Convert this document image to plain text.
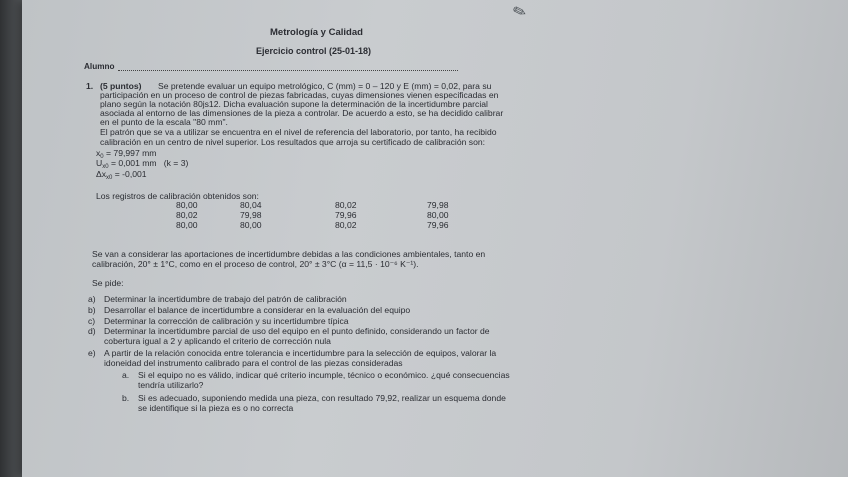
✎
Metrología y Calidad
Ejercicio control (25-01-18)
Alumno
1. (5 puntos) Se pretende evaluar un equipo metrológico, C (mm) = 0 – 120 y E (mm) = 0,02, para su
participación en un proceso de control de piezas fabricadas, cuyas dimensiones vienen especificadas en
plano según la notación 80js12. Dicha evaluación supone la determinación de la incertidumbre parcial
asociada al entorno de las dimensiones de la pieza a controlar. De acuerdo a esto, se ha decidido calibrar
en el punto de la escala "80 mm".
El patrón que se va a utilizar se encuentra en el nivel de referencia del laboratorio, por tanto, ha recibido
calibración en un centro de nivel superior. Los resultados que arroja su certificado de calibración son:
$x_0 = 79,997$ mm
$U_{x0} = 0,001$ mm (k = 3)
$\Delta x_{x0} = -0,001$
Los registros de calibración obtenidos son:
80,00	80,04	80,02	79,98
80,02	79,98	79,96	80,00
80,00	80,00	80,02	79,96
Se van a considerar las aportaciones de incertidumbre debidas a las condiciones ambientales, tanto en
calibración, 20° ± 1°C, como en el proceso de control, 20° ± 3°C (α = 11,5 · 10⁻⁶ K⁻¹).
Se pide:
a) Determinar la incertidumbre de trabajo del patrón de calibración
b) Desarrollar el balance de incertidumbre a considerar en la evaluación del equipo
c) Determinar la corrección de calibración y su incertidumbre típica
d) Determinar la incertidumbre parcial de uso del equipo en el punto definido, considerando un factor de
cobertura igual a 2 y aplicando el criterio de corrección nula
e) A partir de la relación conocida entre tolerancia e incertidumbre para la selección de equipos, valorar la
idoneidad del instrumento calibrado para el control de las piezas consideradas
a. Si el equipo no es válido, indicar qué criterio incumple, técnico o económico. ¿qué consecuencias
tendría utilizarlo?
b. Si es adecuado, suponiendo medida una pieza, con resultado 79,92, realizar un esquema donde
se identifique si la pieza es o no correcta
